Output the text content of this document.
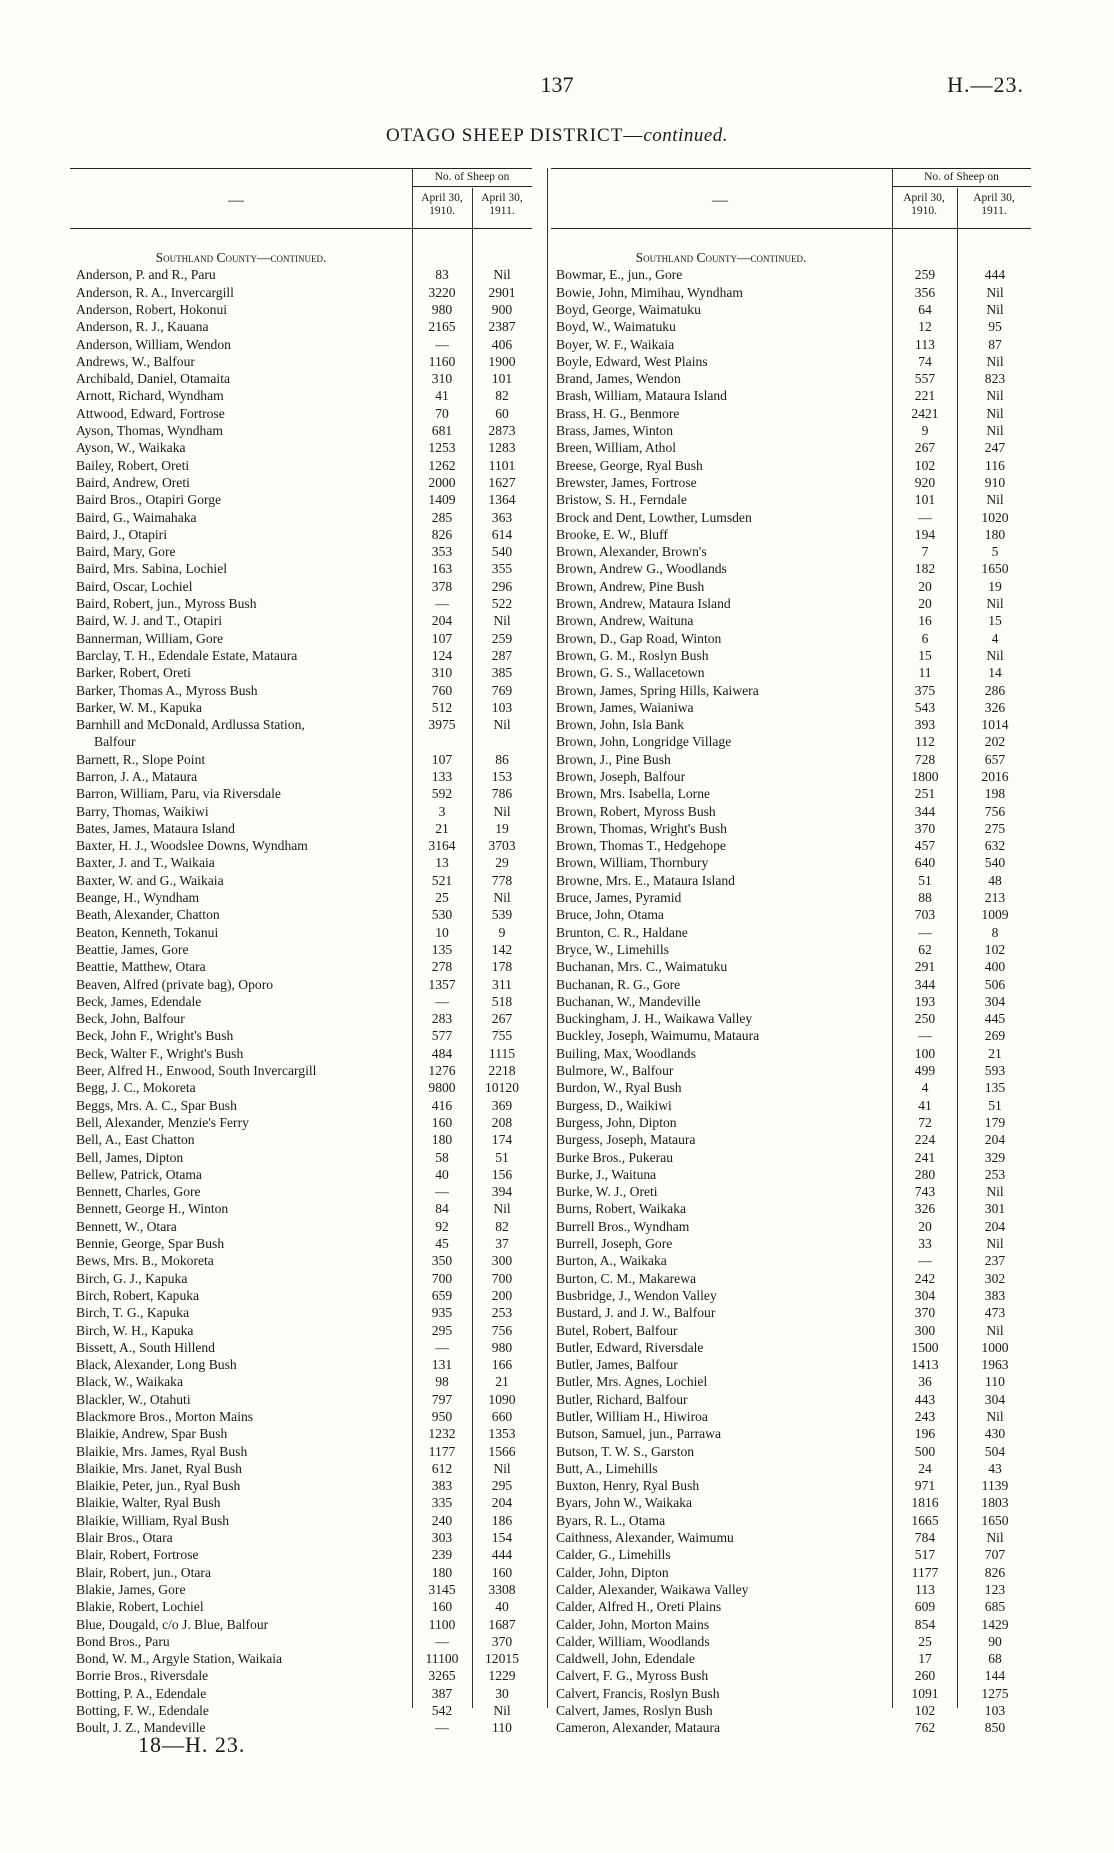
137	H.—23.
OTAGO SHEEP DISTRICT—continued.
No. of Sheep on
April 30, 1910.
April 30, 1911.
—
No. of Sheep on
April 30, 1910.
April 30, 1911.
—
Southland County—continued.
Anderson, P. and R., Paru	83	Nil
Anderson, R. A., Invercargill	3220	2901
Anderson, Robert, Hokonui	980	900
Anderson, R. J., Kauana	2165	2387
Anderson, William, Wendon	—	406
Andrews, W., Balfour	1160	1900
Archibald, Daniel, Otamaita	310	101
Arnott, Richard, Wyndham	41	82
Attwood, Edward, Fortrose	70	60
Ayson, Thomas, Wyndham	681	2873
Ayson, W., Waikaka	1253	1283
Bailey, Robert, Oreti	1262	1101
Baird, Andrew, Oreti	2000	1627
Baird Bros., Otapiri Gorge	1409	1364
Baird, G., Waimahaka	285	363
Baird, J., Otapiri	826	614
Baird, Mary, Gore	353	540
Baird, Mrs. Sabina, Lochiel	163	355
Baird, Oscar, Lochiel	378	296
Baird, Robert, jun., Myross Bush	—	522
Baird, W. J. and T., Otapiri	204	Nil
Bannerman, William, Gore	107	259
Barclay, T. H., Edendale Estate, Mataura	124	287
Barker, Robert, Oreti	310	385
Barker, Thomas A., Myross Bush	760	769
Barker, W. M., Kapuka	512	103
Barnhill and McDonald, Ardlussa Station,	3975	Nil
Balfour
Barnett, R., Slope Point	107	86
Barron, J. A., Mataura	133	153
Barron, William, Paru, via Riversdale	592	786
Barry, Thomas, Waikiwi	3	Nil
Bates, James, Mataura Island	21	19
Baxter, H. J., Woodslee Downs, Wyndham	3164	3703
Baxter, J. and T., Waikaia	13	29
Baxter, W. and G., Waikaia	521	778
Beange, H., Wyndham	25	Nil
Beath, Alexander, Chatton	530	539
Beaton, Kenneth, Tokanui	10	9
Beattie, James, Gore	135	142
Beattie, Matthew, Otara	278	178
Beaven, Alfred (private bag), Oporo	1357	311
Beck, James, Edendale	—	518
Beck, John, Balfour	283	267
Beck, John F., Wright's Bush	577	755
Beck, Walter F., Wright's Bush	484	1115
Beer, Alfred H., Enwood, South Invercargill	1276	2218
Begg, J. C., Mokoreta	9800	10120
Beggs, Mrs. A. C., Spar Bush	416	369
Bell, Alexander, Menzie's Ferry	160	208
Bell, A., East Chatton	180	174
Bell, James, Dipton	58	51
Bellew, Patrick, Otama	40	156
Bennett, Charles, Gore	—	394
Bennett, George H., Winton	84	Nil
Bennett, W., Otara	92	82
Bennie, George, Spar Bush	45	37
Bews, Mrs. B., Mokoreta	350	300
Birch, G. J., Kapuka	700	700
Birch, Robert, Kapuka	659	200
Birch, T. G., Kapuka	935	253
Birch, W. H., Kapuka	295	756
Bissett, A., South Hillend	—	980
Black, Alexander, Long Bush	131	166
Black, W., Waikaka	98	21
Blackler, W., Otahuti	797	1090
Blackmore Bros., Morton Mains	950	660
Blaikie, Andrew, Spar Bush	1232	1353
Blaikie, Mrs. James, Ryal Bush	1177	1566
Blaikie, Mrs. Janet, Ryal Bush	612	Nil
Blaikie, Peter, jun., Ryal Bush	383	295
Blaikie, Walter, Ryal Bush	335	204
Blaikie, William, Ryal Bush	240	186
Blair Bros., Otara	303	154
Blair, Robert, Fortrose	239	444
Blair, Robert, jun., Otara	180	160
Blakie, James, Gore	3145	3308
Blakie, Robert, Lochiel	160	40
Blue, Dougald, c/o J. Blue, Balfour	1100	1687
Bond Bros., Paru	—	370
Bond, W. M., Argyle Station, Waikaia	11100	12015
Borrie Bros., Riversdale	3265	1229
Botting, P. A., Edendale	387	30
Botting, F. W., Edendale	542	Nil
Boult, J. Z., Mandeville	—	110
Southland County—continued.
Bowmar, E., jun., Gore	259	444
Bowie, John, Mimihau, Wyndham	356	Nil
Boyd, George, Waimatuku	64	Nil
Boyd, W., Waimatuku	12	95
Boyer, W. F., Waikaia	113	87
Boyle, Edward, West Plains	74	Nil
Brand, James, Wendon	557	823
Brash, William, Mataura Island	221	Nil
Brass, H. G., Benmore	2421	Nil
Brass, James, Winton	9	Nil
Breen, William, Athol	267	247
Breese, George, Ryal Bush	102	116
Brewster, James, Fortrose	920	910
Bristow, S. H., Ferndale	101	Nil
Brock and Dent, Lowther, Lumsden	—	1020
Brooke, E. W., Bluff	194	180
Brown, Alexander, Brown's	7	5
Brown, Andrew G., Woodlands	182	1650
Brown, Andrew, Pine Bush	20	19
Brown, Andrew, Mataura Island	20	Nil
Brown, Andrew, Waituna	16	15
Brown, D., Gap Road, Winton	6	4
Brown, G. M., Roslyn Bush	15	Nil
Brown, G. S., Wallacetown	11	14
Brown, James, Spring Hills, Kaiwera	375	286
Brown, James, Waianiwa	543	326
Brown, John, Isla Bank	393	1014
Brown, John, Longridge Village	112	202
Brown, J., Pine Bush	728	657
Brown, Joseph, Balfour	1800	2016
Brown, Mrs. Isabella, Lorne	251	198
Brown, Robert, Myross Bush	344	756
Brown, Thomas, Wright's Bush	370	275
Brown, Thomas T., Hedgehope	457	632
Brown, William, Thornbury	640	540
Browne, Mrs. E., Mataura Island	51	48
Bruce, James, Pyramid	88	213
Bruce, John, Otama	703	1009
Brunton, C. R., Haldane	—	8
Bryce, W., Limehills	62	102
Buchanan, Mrs. C., Waimatuku	291	400
Buchanan, R. G., Gore	344	506
Buchanan, W., Mandeville	193	304
Buckingham, J. H., Waikawa Valley	250	445
Buckley, Joseph, Waimumu, Mataura	—	269
Builing, Max, Woodlands	100	21
Bulmore, W., Balfour	499	593
Burdon, W., Ryal Bush	4	135
Burgess, D., Waikiwi	41	51
Burgess, John, Dipton	72	179
Burgess, Joseph, Mataura	224	204
Burke Bros., Pukerau	241	329
Burke, J., Waituna	280	253
Burke, W. J., Oreti	743	Nil
Burns, Robert, Waikaka	326	301
Burrell Bros., Wyndham	20	204
Burrell, Joseph, Gore	33	Nil
Burton, A., Waikaka	—	237
Burton, C. M., Makarewa	242	302
Busbridge, J., Wendon Valley	304	383
Bustard, J. and J. W., Balfour	370	473
Butel, Robert, Balfour	300	Nil
Butler, Edward, Riversdale	1500	1000
Butler, James, Balfour	1413	1963
Butler, Mrs. Agnes, Lochiel	36	110
Butler, Richard, Balfour	443	304
Butler, William H., Hiwiroa	243	Nil
Butson, Samuel, jun., Parrawa	196	430
Butson, T. W. S., Garston	500	504
Butt, A., Limehills	24	43
Buxton, Henry, Ryal Bush	971	1139
Byars, John W., Waikaka	1816	1803
Byars, R. L., Otama	1665	1650
Caithness, Alexander, Waimumu	784	Nil
Calder, G., Limehills	517	707
Calder, John, Dipton	1177	826
Calder, Alexander, Waikawa Valley	113	123
Calder, Alfred H., Oreti Plains	609	685
Calder, John, Morton Mains	854	1429
Calder, William, Woodlands	25	90
Caldwell, John, Edendale	17	68
Calvert, F. G., Myross Bush	260	144
Calvert, Francis, Roslyn Bush	1091	1275
Calvert, James, Roslyn Bush	102	103
Cameron, Alexander, Mataura	762	850
18—H. 23.
